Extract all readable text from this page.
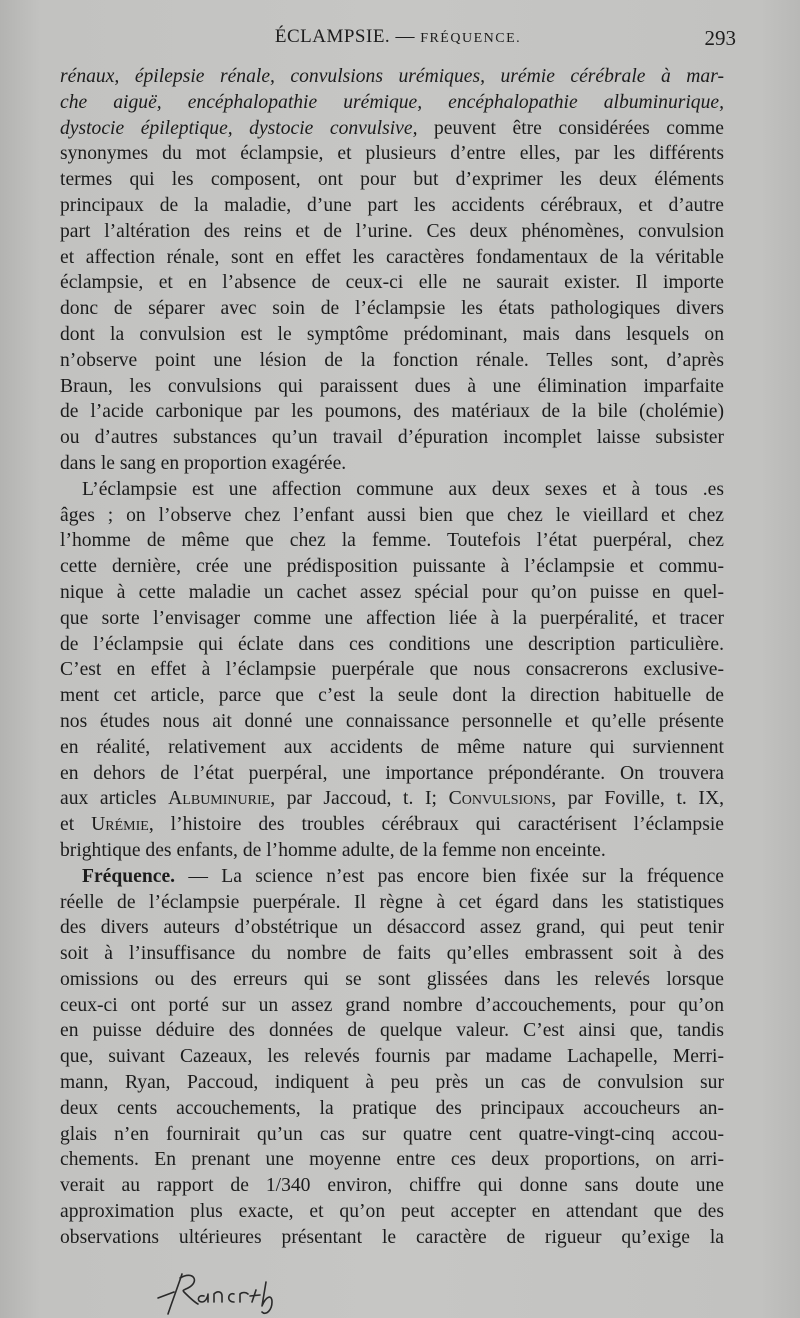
ÉCLAMPSIE. — FRÉQUENCE.	293
rénaux, épilepsie rénale, convulsions urémiques, urémie cérébrale à mar-
che aiguë, encéphalopathie urémique, encéphalopathie albuminurique,
dystocie épileptique, dystocie convulsive, peuvent être considérées comme
synonymes du mot éclampsie, et plusieurs d’entre elles, par les différents
termes qui les composent, ont pour but d’exprimer les deux éléments
principaux de la maladie, d’une part les accidents cérébraux, et d’autre
part l’altération des reins et de l’urine. Ces deux phénomènes, convulsion
et affection rénale, sont en effet les caractères fondamentaux de la véritable
éclampsie, et en l’absence de ceux-ci elle ne saurait exister. Il importe
donc de séparer avec soin de l’éclampsie les états pathologiques divers
dont la convulsion est le symptôme prédominant, mais dans lesquels on
n’observe point une lésion de la fonction rénale. Telles sont, d’après
Braun, les convulsions qui paraissent dues à une élimination imparfaite
de l’acide carbonique par les poumons, des matériaux de la bile (cholémie)
ou d’autres substances qu’un travail d’épuration incomplet laisse subsister
dans le sang en proportion exagérée.
L’éclampsie est une affection commune aux deux sexes et à tous .es
âges ; on l’observe chez l’enfant aussi bien que chez le vieillard et chez
l’homme de même que chez la femme. Toutefois l’état puerpéral, chez
cette dernière, crée une prédisposition puissante à l’éclampsie et commu-
nique à cette maladie un cachet assez spécial pour qu’on puisse en quel-
que sorte l’envisager comme une affection liée à la puerpéralité, et tracer
de l’éclampsie qui éclate dans ces conditions une description particulière.
C’est en effet à l’éclampsie puerpérale que nous consacrerons exclusive-
ment cet article, parce que c’est la seule dont la direction habituelle de
nos études nous ait donné une connaissance personnelle et qu’elle présente
en réalité, relativement aux accidents de même nature qui surviennent
en dehors de l’état puerpéral, une importance prépondérante. On trouvera
aux articles Albuminurie, par Jaccoud, t. I; Convulsions, par Foville, t. IX,
et Urémie, l’histoire des troubles cérébraux qui caractérisent l’éclampsie
brightique des enfants, de l’homme adulte, de la femme non enceinte.
Fréquence. — La science n’est pas encore bien fixée sur la fréquence
réelle de l’éclampsie puerpérale. Il règne à cet égard dans les statistiques
des divers auteurs d’obstétrique un désaccord assez grand, qui peut tenir
soit à l’insuffisance du nombre de faits qu’elles embrassent soit à des
omissions ou des erreurs qui se sont glissées dans les relevés lorsque
ceux-ci ont porté sur un assez grand nombre d’accouchements, pour qu’on
en puisse déduire des données de quelque valeur. C’est ainsi que, tandis
que, suivant Cazeaux, les relevés fournis par madame Lachapelle, Merri-
mann, Ryan, Paccoud, indiquent à peu près un cas de convulsion sur
deux cents accouchements, la pratique des principaux accoucheurs an-
glais n’en fournirait qu’un cas sur quatre cent quatre-vingt-cinq accou-
chements. En prenant une moyenne entre ces deux proportions, on arri-
verait au rapport de 1/340 environ, chiffre qui donne sans doute une
approximation plus exacte, et qu’on peut accepter en attendant que des
observations ultérieures présentant le caractère de rigueur qu’exige la
